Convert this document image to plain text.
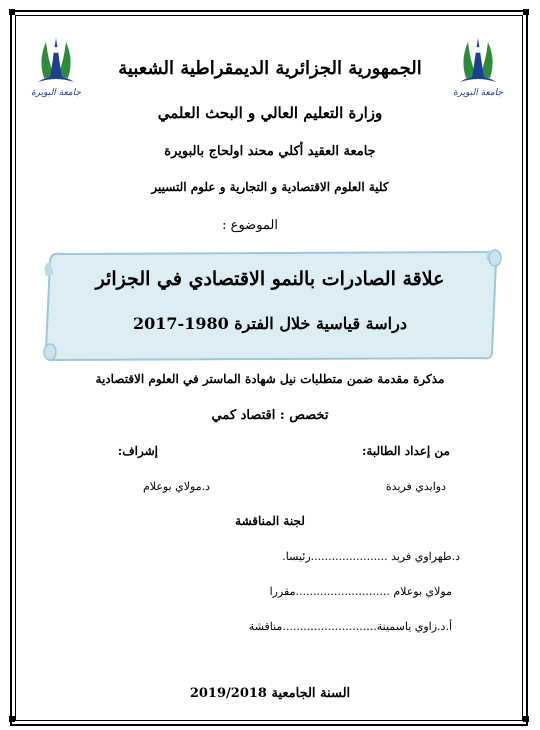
جامعة البويرة	جامعة البويرة
الجمهورية الجزائرية الديمقراطية الشعبية
وزارة التعليم العالي و البحث العلمي
جامعة العقيد أكلي محند اولحاج بالبويرة
كلية العلوم الاقتصادية و التجارية و علوم التسيير
الموضوع :
علاقة الصادرات بالنمو الاقتصادي في الجزائر
دراسة قياسية خلال الفترة 1980-2017
مذكرة مقدمة ضمن متطلبات نيل شهادة الماستر في العلوم الاقتصادية
تخصص : اقتصاد كمي
من إعداد الطالبة:
إشراف:
دوايدي فريدة
د.مولاي بوعلام
لجنة المناقشة
د.طهراوي فريد ......................رئيسا.
مولاي بوعلام ...........................مقررا
أ.د.زاوي ياسمينة...........................مناقشة
السنة الجامعية 2019/2018
